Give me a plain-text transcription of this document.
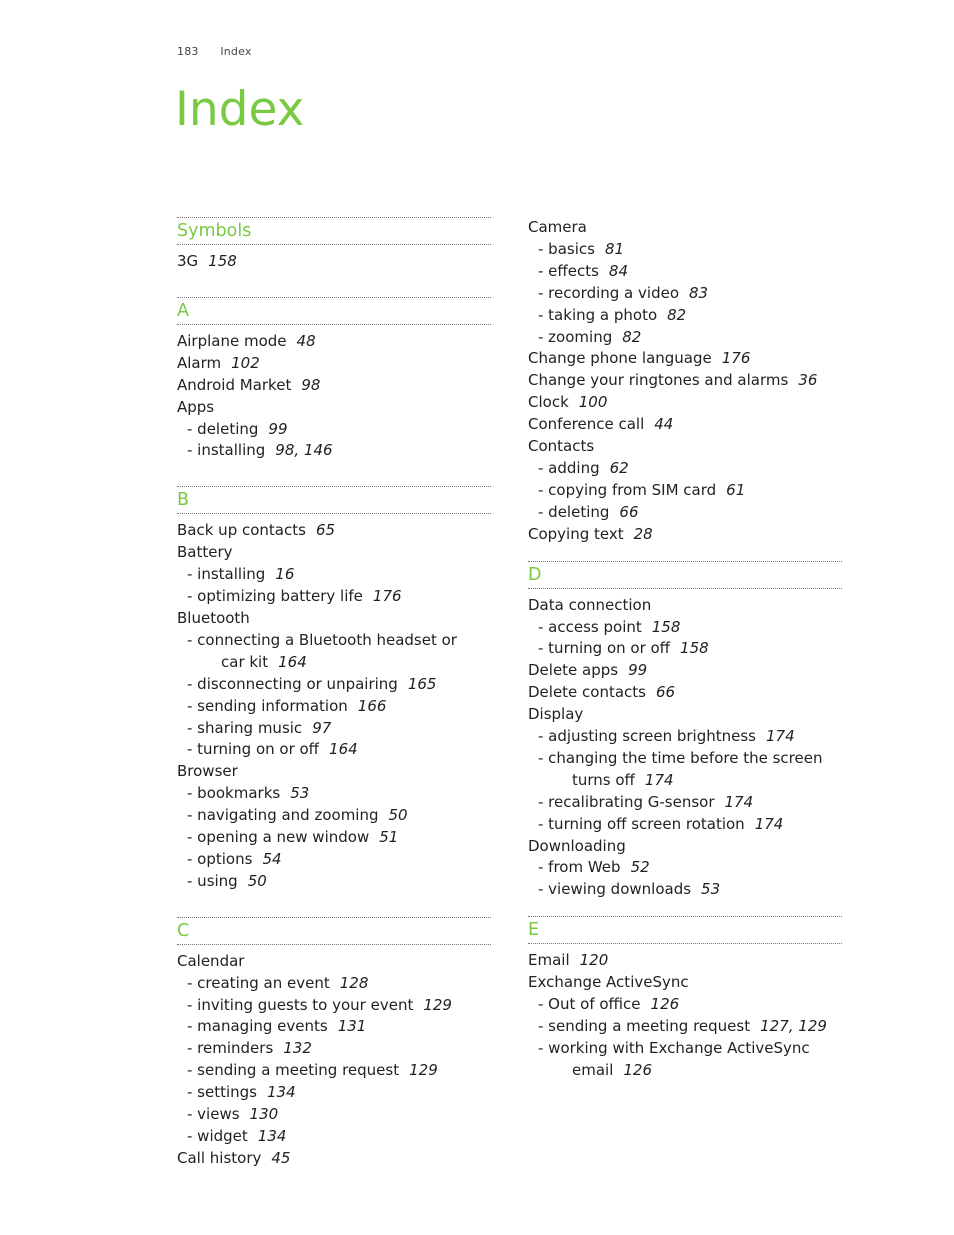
183 Index
Index
Symbols
3G 158
A
Airplane mode 48
Alarm 102
Android Market 98
Apps
- deleting 99
- installing 98, 146
B
Back up contacts 65
Battery
- installing 16
- optimizing battery life 176
Bluetooth
- connecting a Bluetooth headset or
car kit 164
- disconnecting or unpairing 165
- sending information 166
- sharing music 97
- turning on or off 164
Browser
- bookmarks 53
- navigating and zooming 50
- opening a new window 51
- options 54
- using 50
C
Calendar
- creating an event 128
- inviting guests to your event 129
- managing events 131
- reminders 132
- sending a meeting request 129
- settings 134
- views 130
- widget 134
Call history 45
Camera
- basics 81
- effects 84
- recording a video 83
- taking a photo 82
- zooming 82
Change phone language 176
Change your ringtones and alarms 36
Clock 100
Conference call 44
Contacts
- adding 62
- copying from SIM card 61
- deleting 66
Copying text 28
D
Data connection
- access point 158
- turning on or off 158
Delete apps 99
Delete contacts 66
Display
- adjusting screen brightness 174
- changing the time before the screen
turns off 174
- recalibrating G-sensor 174
- turning off screen rotation 174
Downloading
- from Web 52
- viewing downloads 53
E
Email 120
Exchange ActiveSync
- Out of office 126
- sending a meeting request 127, 129
- working with Exchange ActiveSync
email 126
